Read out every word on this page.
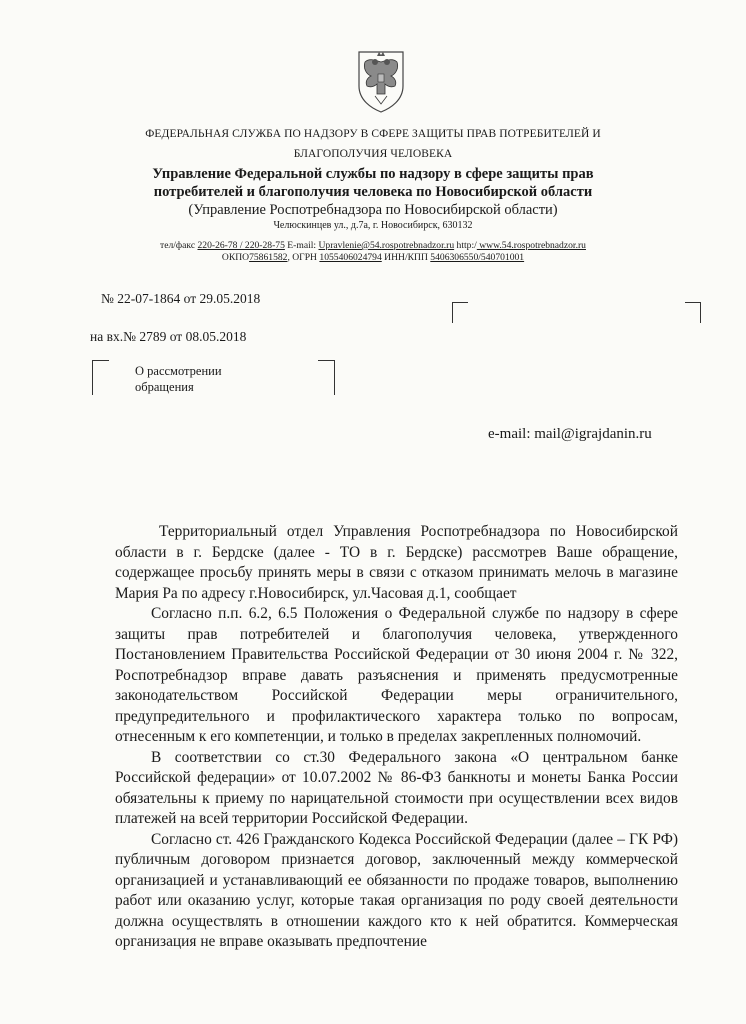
ФЕДЕРАЛЬНАЯ СЛУЖБА ПО НАДЗОРУ В СФЕРЕ ЗАЩИТЫ ПРАВ ПОТРЕБИТЕЛЕЙ И
БЛАГОПОЛУЧИЯ ЧЕЛОВЕКА
Управление Федеральной службы по надзору в сфере защиты прав
потребителей и благополучия человека по Новосибирской области
(Управление Роспотребнадзора по Новосибирской области)
Челюскинцев ул., д.7а, г. Новосибирск, 630132
тел/факс 220-26-78 / 220-28-75 E-mail: Upravlenie@54.rospotrebnadzor.ru http:/ www.54.rospotrebnadzor.ru
ОКПО75861582, ОГРН 1055406024794 ИНН/КПП 5406306550/540701001
№ 22-07-1864 от 29.05.2018
на вх.№ 2789 от 08.05.2018
О рассмотрении
обращения
e-mail: mail@igrajdanin.ru

Территориальный отдел Управления Роспотребнадзора по Новосибирской области в г. Бердске (далее - ТО в г. Бердске) рассмотрев Ваше обращение, содержащее просьбу принять меры в связи с отказом принимать мелочь в магазине Мария Ра по адресу г.Новосибирск, ул.Часовая д.1, сообщает

Согласно п.п. 6.2, 6.5 Положения о Федеральной службе по надзору в сфере защиты прав потребителей и благополучия человека, утвержденного Постановлением Правительства Российской Федерации от 30 июня 2004 г. № 322, Роспотребнадзор вправе давать разъяснения и применять предусмотренные законодательством Российской Федерации меры ограничительного, предупредительного и профилактического характера только по вопросам, отнесенным к его компетенции, и только в пределах закрепленных полномочий.

В соответствии со ст.30 Федерального закона «О центральном банке Российской федерации» от 10.07.2002 № 86-ФЗ банкноты и монеты Банка России обязательны к приему по нарицательной стоимости при осуществлении всех видов платежей на всей территории Российской Федерации.

Согласно ст. 426 Гражданского Кодекса Российской Федерации (далее – ГК РФ) публичным договором признается договор, заключенный между коммерческой организацией и устанавливающий ее обязанности по продаже товаров, выполнению работ или оказанию услуг, которые такая организация по роду своей деятельности должна осуществлять в отношении каждого кто к ней обратится. Коммерческая организация не вправе оказывать предпочтение
